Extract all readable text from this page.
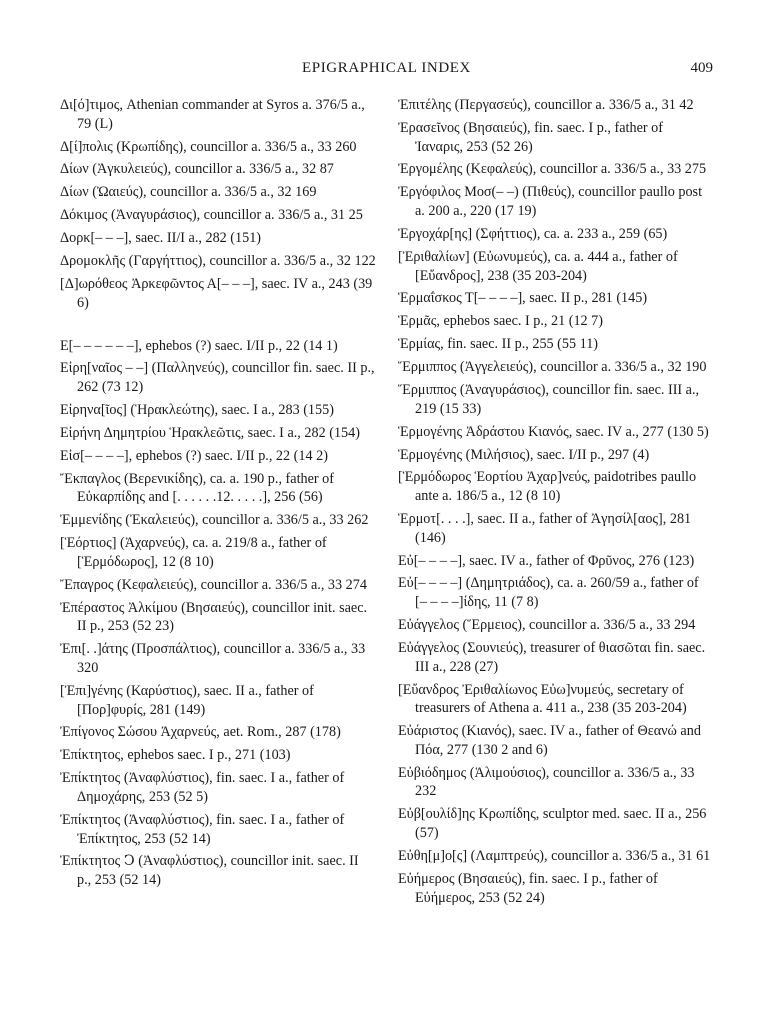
EPIGRAPHICAL INDEX	409

Δι[ό]τιμος, Athenian commander at Syros a. 376/5 a., 79 (L)

Δ[ί]πολις (Κρωπίδης), councillor a. 336/5 a., 33 260

Δίων (Ἀγκυλειεύς), councillor a. 336/5 a., 32 87

Δίων (Ὠαιεύς), councillor a. 336/5 a., 32 169

Δόκιμος (Ἀναγυράσιος), councillor a. 336/5 a., 31 25

Δορκ[– – –], saec. II/I a., 282 (151)

Δρομοκλῆς (Γαργήττιος), councillor a. 336/5 a., 32 122

[Δ]ωρόθεος Ἀρκεφῶντος Α[– – –], saec. IV a., 243 (39 6)

Ε[– – – – – –], ephebos (?) saec. I/II p., 22 (14 1)

Εἰρη[ναῖος – –] (Παλληνεύς), councillor fin. saec. II p., 262 (73 12)

Εἰρηνα[ῖος] (Ἡρακλεώτης), saec. I a., 283 (155)

Εἰρήνη Δημητρίου Ἡρακλεῶτις, saec. I a., 282 (154)

Εἰσ[– – – –], ephebos (?) saec. I/II p., 22 (14 2)

Ἔκπαγλος (Βερενικίδης), ca. a. 190 p., father of Εὐκαρπίδης and [. . . . . .12. . . . .], 256 (56)

Ἐμμενίδης (Ἐκαλειεύς), councillor a. 336/5 a., 33 262

[Ἑόρτιος] (Ἀχαρνεύς), ca. a. 219/8 a., father of [Ἑρμόδωρος], 12 (8 10)

Ἔπαγρος (Κεφαλειεύς), councillor a. 336/5 a., 33 274

Ἐπέραστος Ἀλκίμου (Βησαιεύς), councillor init. saec. II p., 253 (52 23)

Ἐπι[. .]άτης (Προσπάλτιος), councillor a. 336/5 a., 33 320

[Ἐπι]γένης (Καρύστιος), saec. II a., father of [Πορ]φυρίς, 281 (149)

Ἐπίγονος Σώσου Ἀχαρνεύς, aet. Rom., 287 (178)

Ἐπίκτητος, ephebos saec. I p., 271 (103)

Ἐπίκτητος (Ἀναφλύστιος), fin. saec. I a., father of Δημοχάρης, 253 (52 5)

Ἐπίκτητος (Ἀναφλύστιος), fin. saec. I a., father of Ἐπίκτητος, 253 (52 14)

Ἐπίκτητος Ↄ (Ἀναφλύστιος), councillor init. saec. II p., 253 (52 14)

Ἐπιτέλης (Περγασεύς), councillor a. 336/5 a., 31 42

Ἐρασεῖνος (Βησαιεύς), fin. saec. I p., father of Ἰαναρις, 253 (52 26)

Ἐργομέλης (Κεφαλεύς), councillor a. 336/5 a., 33 275

Ἐργόφιλος Μοσ(– –) (Πιθεύς), councillor paullo post a. 200 a., 220 (17 19)

Ἐργοχάρ[ης] (Σφήττιος), ca. a. 233 a., 259 (65)

[Ἐριθαλίων] (Εὐωνυμεύς), ca. a. 444 a., father of [Εὔανδρος], 238 (35 203-204)

Ἑρμαΐσκος Τ[– – – –], saec. II p., 281 (145)

Ἑρμᾶς, ephebos saec. I p., 21 (12 7)

Ἑρμίας, fin. saec. II p., 255 (55 11)

Ἕρμιππος (Ἀγγελειεύς), councillor a. 336/5 a., 32 190

Ἕρμιππος (Ἀναγυράσιος), councillor fin. saec. III a., 219 (15 33)

Ἑρμογένης Ἀδράστου Κιανός, saec. IV a., 277 (130 5)

Ἑρμογένης (Μιλήσιος), saec. I/II p., 297 (4)

[Ἑρμόδωρος Ἑορτίου Ἀχαρ]νεύς, paidotribes paullo ante a. 186/5 a., 12 (8 10)

Ἑρμοτ[. . . .], saec. II a., father of Ἀγησίλ[αος], 281 (146)

Εὐ[– – – –], saec. IV a., father of Φρῦνος, 276 (123)

Εὐ[– – – –] (Δημητριάδος), ca. a. 260/59 a., father of [– – – –]ίδης, 11 (7 8)

Εὐάγγελος (Ἕρμειος), councillor a. 336/5 a., 33 294

Εὐάγγελος (Σουνιεύς), treasurer of θιασῶται fin. saec. III a., 228 (27)

[Εὔανδρος Ἐριθαλίωνος Εὐω]νυμεύς, secretary of treasurers of Athena a. 411 a., 238 (35 203-204)

Εὐάριστος (Κιανός), saec. IV a., father of Θεανώ and Πόα, 277 (130 2 and 6)

Εὐβιόδημος (Ἁλιμούσιος), councillor a. 336/5 a., 33 232

Εὐβ[ουλίδ]ης Κρωπίδης, sculptor med. saec. II a., 256 (57)

Εὐθη[μ]ο[ς] (Λαμπτρεύς), councillor a. 336/5 a., 31 61

Εὐήμερος (Βησαιεύς), fin. saec. I p., father of Εὐήμερος, 253 (52 24)
